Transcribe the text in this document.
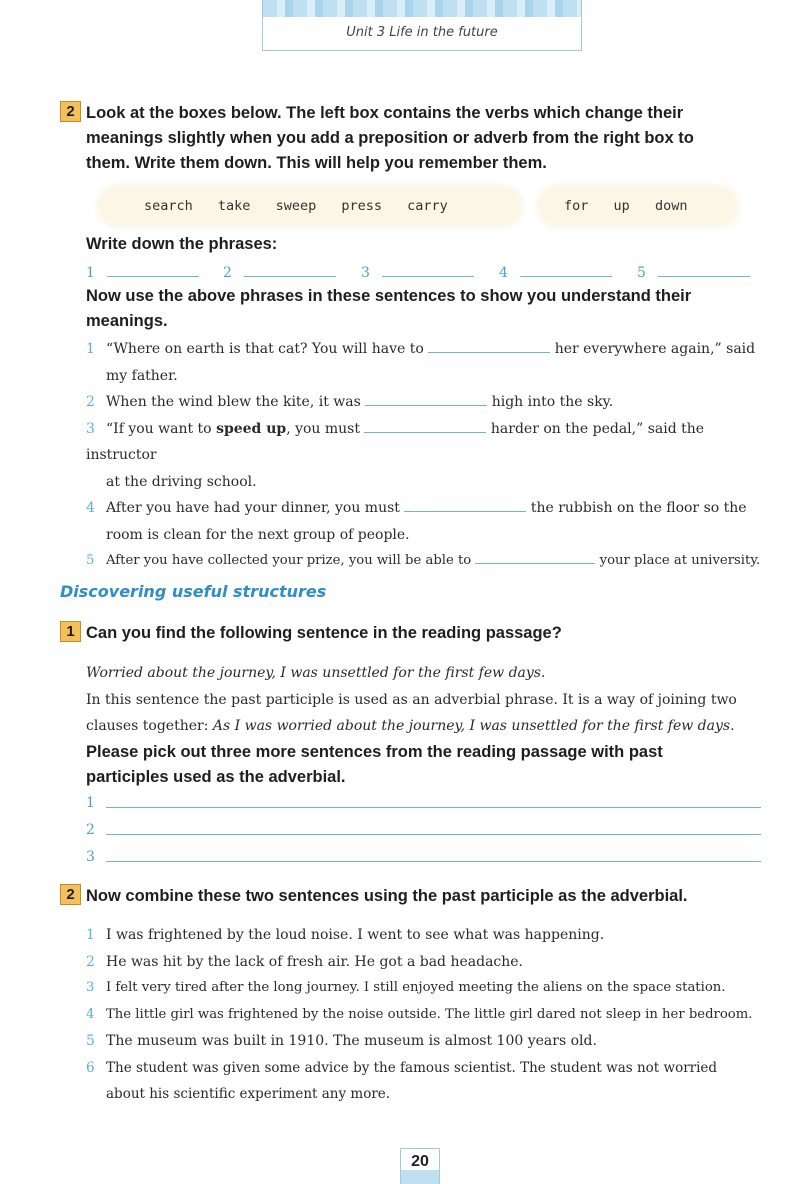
Unit 3 Life in the future
2 Look at the boxes below. The left box contains the verbs which change their
meanings slightly when you add a preposition or adverb from the right box to
them. Write them down. This will help you remember them.
search take sweep press carry	for up down
Write down the phrases:
1	2	3	4	5
Now use the above phrases in these sentences to show you understand their
meanings.
1 “Where on earth is that cat? You will have to	her everywhere again,” said
my father.
2 When the wind blew the kite, it was	high into the sky.
3 “If you want to speed up, you must	harder on the pedal,” said the instructor
at the driving school.
4 After you have had your dinner, you must	the rubbish on the floor so the
room is clean for the next group of people.
5 After you have collected your prize, you will be able to	your place at university.
Discovering useful structures
1 Can you find the following sentence in the reading passage?
Worried about the journey, I was unsettled for the first few days.
In this sentence the past participle is used as an adverbial phrase. It is a way of joining two
clauses together: As I was worried about the journey, I was unsettled for the first few days.
Please pick out three more sentences from the reading passage with past
participles used as the adverbial.
1
2
3
2 Now combine these two sentences using the past participle as the adverbial.
1 I was frightened by the loud noise. I went to see what was happening.
2 He was hit by the lack of fresh air. He got a bad headache.
3 I felt very tired after the long journey. I still enjoyed meeting the aliens on the space station.
4 The little girl was frightened by the noise outside. The little girl dared not sleep in her bedroom.
5 The museum was built in 1910. The museum is almost 100 years old.
6 The student was given some advice by the famous scientist. The student was not worried
about his scientific experiment any more.
20
